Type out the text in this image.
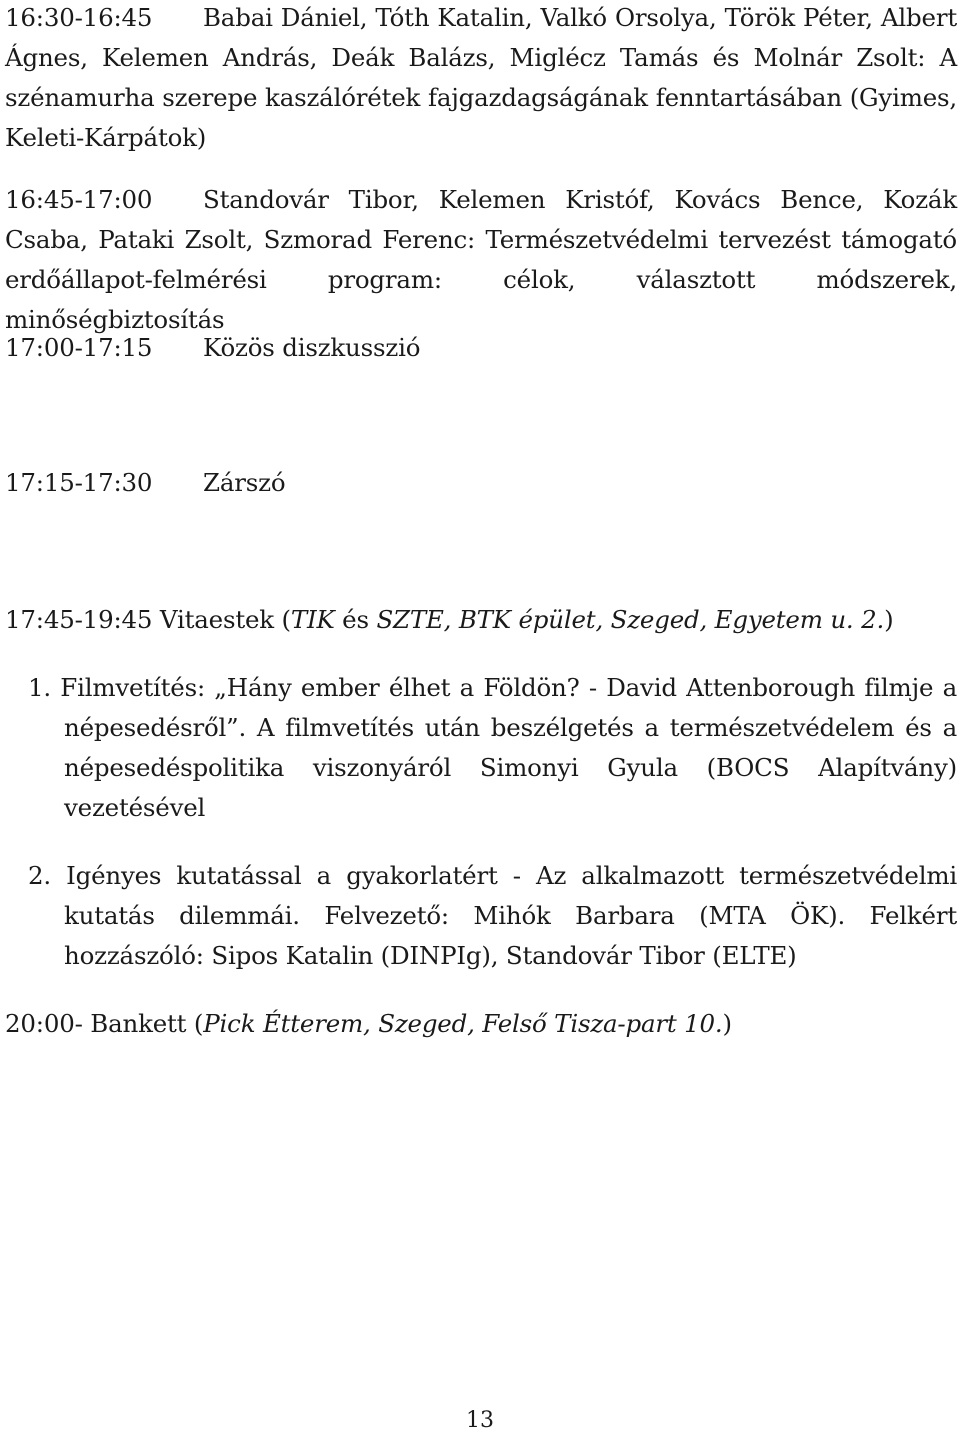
16:30-16:45 Babai Dániel, Tóth Katalin, Valkó Orsolya, Török Péter, Albert Ágnes, Kelemen András, Deák Balázs, Miglécz Tamás és Molnár Zsolt: A szénamurha szerepe kaszálórétek fajgazdagságának fenntartásában (Gyimes, Keleti-Kárpátok)
16:45-17:00 Standovár Tibor, Kelemen Kristóf, Kovács Bence, Kozák Csaba, Pataki Zsolt, Szmorad Ferenc: Természetvédelmi tervezést támogató erdőállapot-felmérési program: célok, választott módszerek, minőségbiztosítás
17:00-17:15 Közös diszkusszió
17:15-17:30 Zárszó
17:45-19:45 Vitaestek (TIK és SZTE, BTK épület, Szeged, Egyetem u. 2.)
1. Filmvetítés: „Hány ember élhet a Földön? - David Attenborough filmje a népesedésről”. A filmvetítés után beszélgetés a természetvédelem és a népesedéspolitika viszonyáról Simonyi Gyula (BOCS Alapítvány) vezetésével
2. Igényes kutatással a gyakorlatért - Az alkalmazott természetvédelmi kutatás dilemmái. Felvezető: Mihók Barbara (MTA ÖK). Felkért hozzászóló: Sipos Katalin (DINPIg), Standovár Tibor (ELTE)
20:00- Bankett (Pick Étterem, Szeged, Felső Tisza-part 10.)
13
